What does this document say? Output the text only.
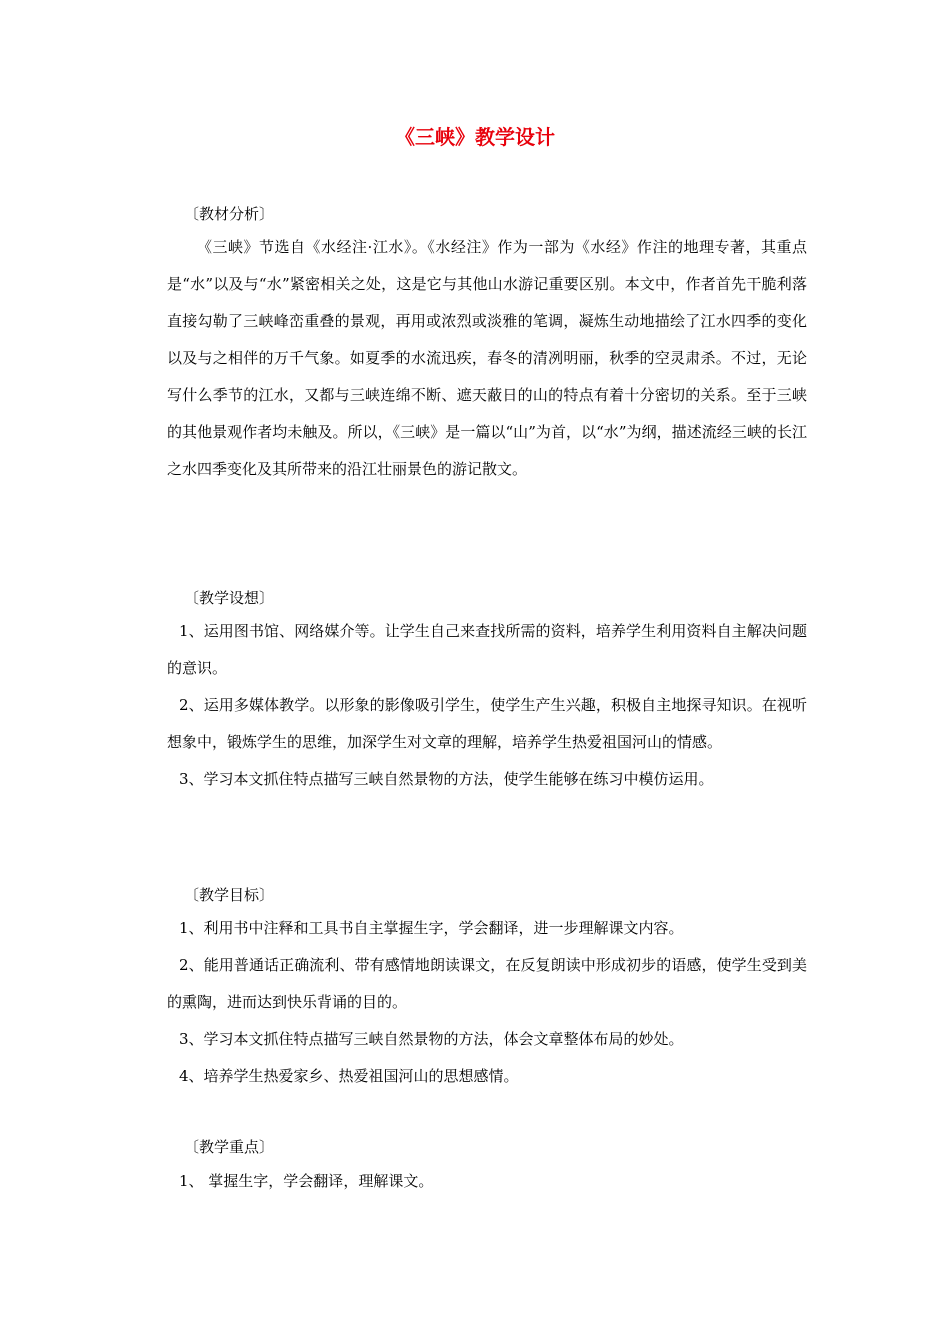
《三峡》教学设计
〔教材分析〕
《三峡》节选自《水经注·江水》。《水经注》作为一部为《水经》作注的地理专著，其重点是“水”以及与“水”紧密相关之处，这是它与其他山水游记重要区别。本文中，作者首先干脆利落直接勾勒了三峡峰峦重叠的景观，再用或浓烈或淡雅的笔调，凝炼生动地描绘了江水四季的变化以及与之相伴的万千气象。如夏季的水流迅疾，春冬的清冽明丽，秋季的空灵肃杀。不过，无论写什么季节的江水，又都与三峡连绵不断、遮天蔽日的山的特点有着十分密切的关系。至于三峡的其他景观作者均未触及。所以，《三峡》是一篇以“山”为首，以“水”为纲，描述流经三峡的长江之水四季变化及其所带来的沿江壮丽景色的游记散文。
〔教学设想〕
1、运用图书馆、网络媒介等。让学生自己来查找所需的资料，培养学生利用资料自主解决问题的意识。
2、运用多媒体教学。以形象的影像吸引学生，使学生产生兴趣，积极自主地探寻知识。在视听想象中，锻炼学生的思维，加深学生对文章的理解，培养学生热爱祖国河山的情感。
3、学习本文抓住特点描写三峡自然景物的方法，使学生能够在练习中模仿运用。
〔教学目标〕
1、利用书中注释和工具书自主掌握生字，学会翻译，进一步理解课文内容。
2、能用普通话正确流利、带有感情地朗读课文，在反复朗读中形成初步的语感，使学生受到美的熏陶，进而达到快乐背诵的目的。
3、学习本文抓住特点描写三峡自然景物的方法，体会文章整体布局的妙处。
4、培养学生热爱家乡、热爱祖国河山的思想感情。
〔教学重点〕
1、 掌握生字，学会翻译，理解课文。
